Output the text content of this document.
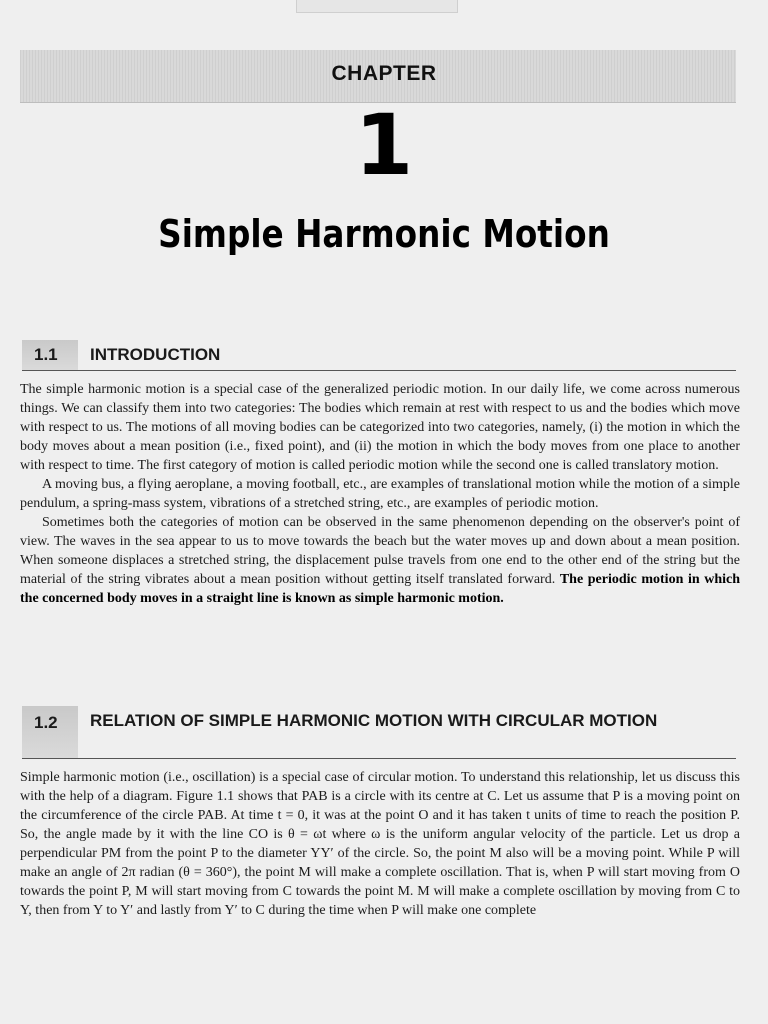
CHAPTER
1
Simple Harmonic Motion
1.1	INTRODUCTION

The simple harmonic motion is a special case of the generalized periodic motion. In our daily life, we come across numerous things. We can classify them into two categories: The bodies which remain at rest with respect to us and the bodies which move with respect to us. The motions of all moving bodies can be categorized into two categories, namely, (i) the motion in which the body moves about a mean position (i.e., fixed point), and (ii) the motion in which the body moves from one place to another with respect to time. The first category of motion is called periodic motion while the second one is called translatory motion.

A moving bus, a flying aeroplane, a moving football, etc., are examples of translational motion while the motion of a simple pendulum, a spring-mass system, vibrations of a stretched string, etc., are examples of periodic motion.

Sometimes both the categories of motion can be observed in the same phenomenon depending on the observer's point of view. The waves in the sea appear to us to move towards the beach but the water moves up and down about a mean position. When someone displaces a stretched string, the displacement pulse travels from one end to the other end of the string but the material of the string vibrates about a mean position without getting itself translated forward. The periodic motion in which the concerned body moves in a straight line is known as simple harmonic motion.

1.2	RELATION OF SIMPLE HARMONIC MOTION WITH CIRCULAR MOTION

Simple harmonic motion (i.e., oscillation) is a special case of circular motion. To understand this relationship, let us discuss this with the help of a diagram. Figure 1.1 shows that PAB is a circle with its centre at C. Let us assume that P is a moving point on the circumference of the circle PAB. At time t = 0, it was at the point O and it has taken t units of time to reach the position P. So, the angle made by it with the line CO is θ = ωt where ω is the uniform angular velocity of the particle. Let us drop a perpendicular PM from the point P to the diameter YY′ of the circle. So, the point M also will be a moving point. While P will make an angle of 2π radian (θ = 360°), the point M will make a complete oscillation. That is, when P will start moving from O towards the point P, M will start moving from C towards the point M. M will make a complete oscillation by moving from C to Y, then from Y to Y′ and lastly from Y′ to C during the time when P will make one complete
